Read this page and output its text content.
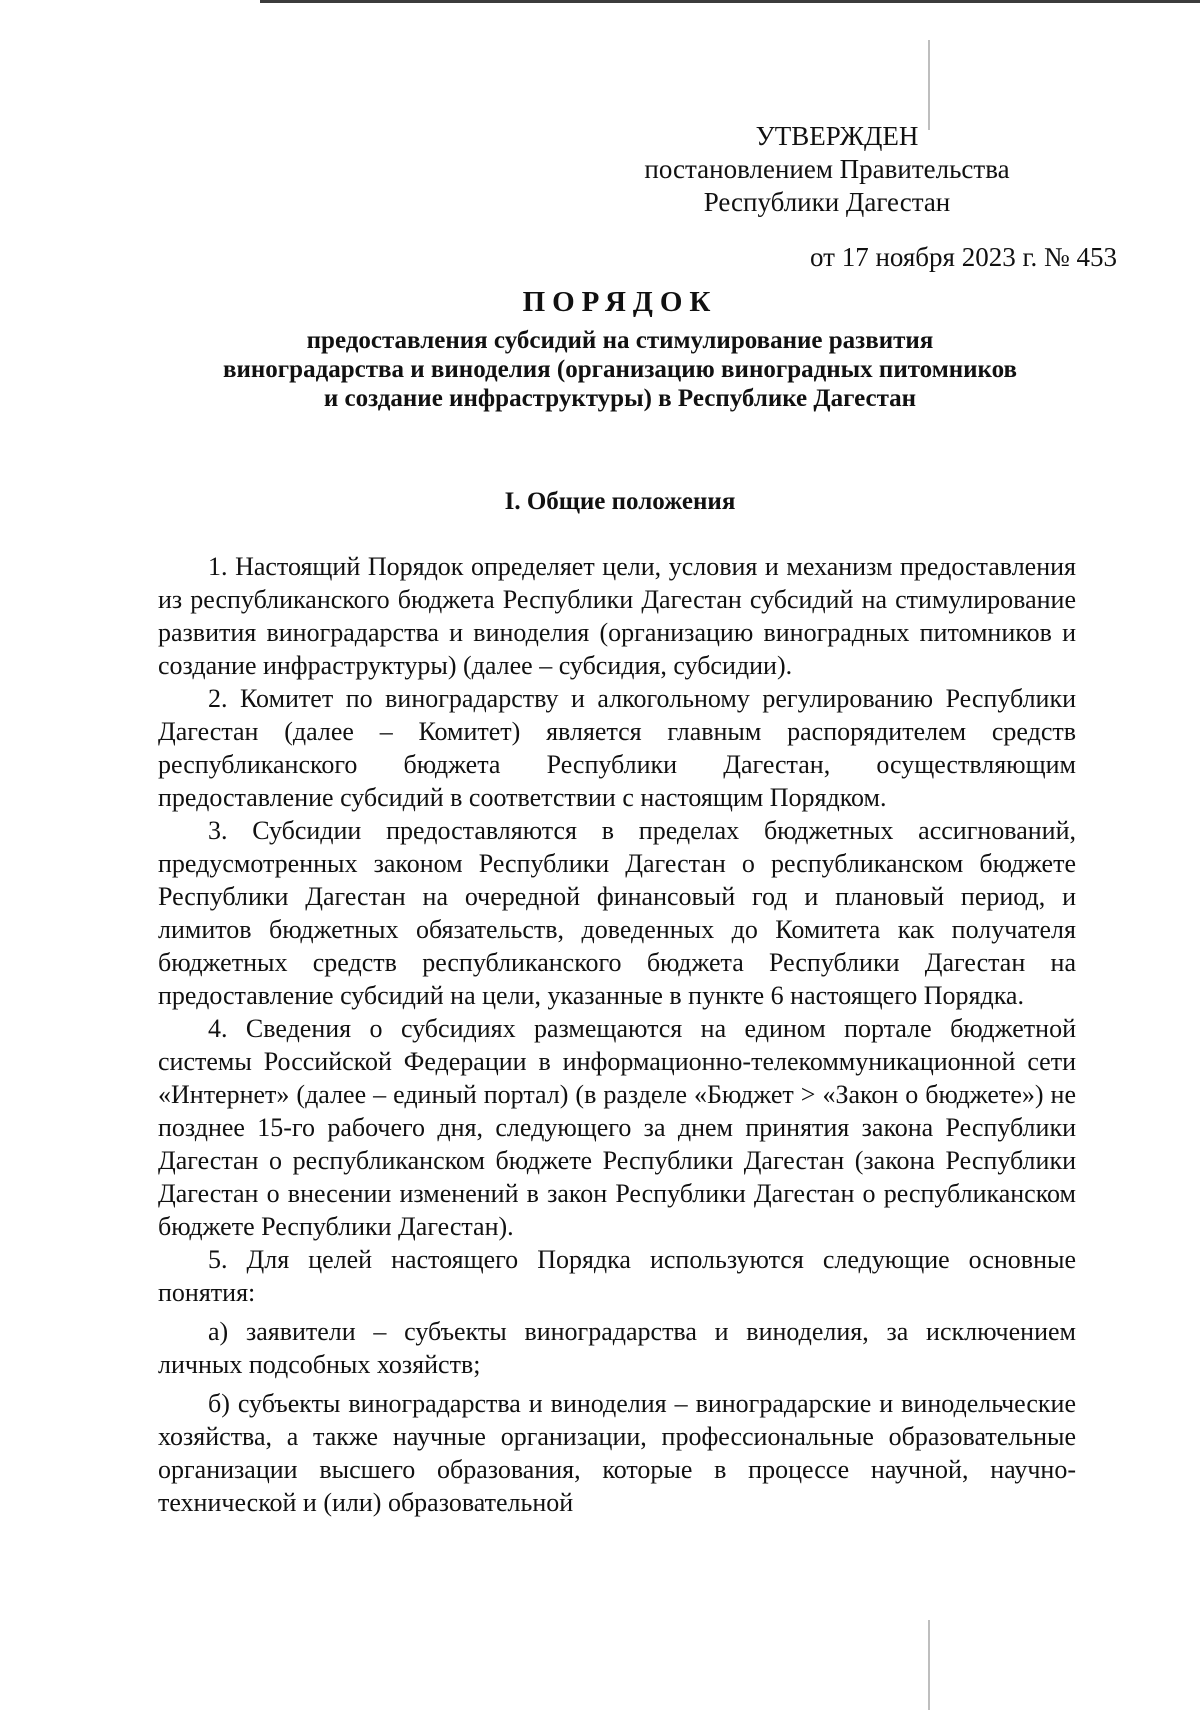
УТВЕРЖДЕН
постановлением Правительства
Республики Дагестан
от 17 ноября 2023 г. № 453
ПОРЯДОК
предоставления субсидий на стимулирование развития виноградарства и виноделия (организацию виноградных питомников и создание инфраструктуры) в Республике Дагестан
I. Общие положения

1. Настоящий Порядок определяет цели, условия и механизм предоставления из республиканского бюджета Республики Дагестан субсидий на стимулирование развития виноградарства и виноделия (организацию виноградных питомников и создание инфраструктуры) (далее – субсидия, субсидии).

2. Комитет по виноградарству и алкогольному регулированию Республики Дагестан (далее – Комитет) является главным распорядителем средств республиканского бюджета Республики Дагестан, осуществляющим предоставление субсидий в соответствии с настоящим Порядком.

3. Субсидии предоставляются в пределах бюджетных ассигнований, предусмотренных законом Республики Дагестан о республиканском бюджете Республики Дагестан на очередной финансовый год и плановый период, и лимитов бюджетных обязательств, доведенных до Комитета как получателя бюджетных средств республиканского бюджета Республики Дагестан на предоставление субсидий на цели, указанные в пункте 6 настоящего Порядка.

4. Сведения о субсидиях размещаются на едином портале бюджетной системы Российской Федерации в информационно-телекоммуникационной сети «Интернет» (далее – единый портал) (в разделе «Бюджет > «Закон о бюджете») не позднее 15-го рабочего дня, следующего за днем принятия закона Республики Дагестан о республиканском бюджете Республики Дагестан (закона Республики Дагестан о внесении изменений в закон Республики Дагестан о республиканском бюджете Республики Дагестан).

5. Для целей настоящего Порядка используются следующие основные понятия:

а) заявители – субъекты виноградарства и виноделия, за исключением личных подсобных хозяйств;

б) субъекты виноградарства и виноделия – виноградарские и винодельческие хозяйства, а также научные организации, профессиональные образовательные организации высшего образования, которые в процессе научной, научно-технической и (или) образовательной
